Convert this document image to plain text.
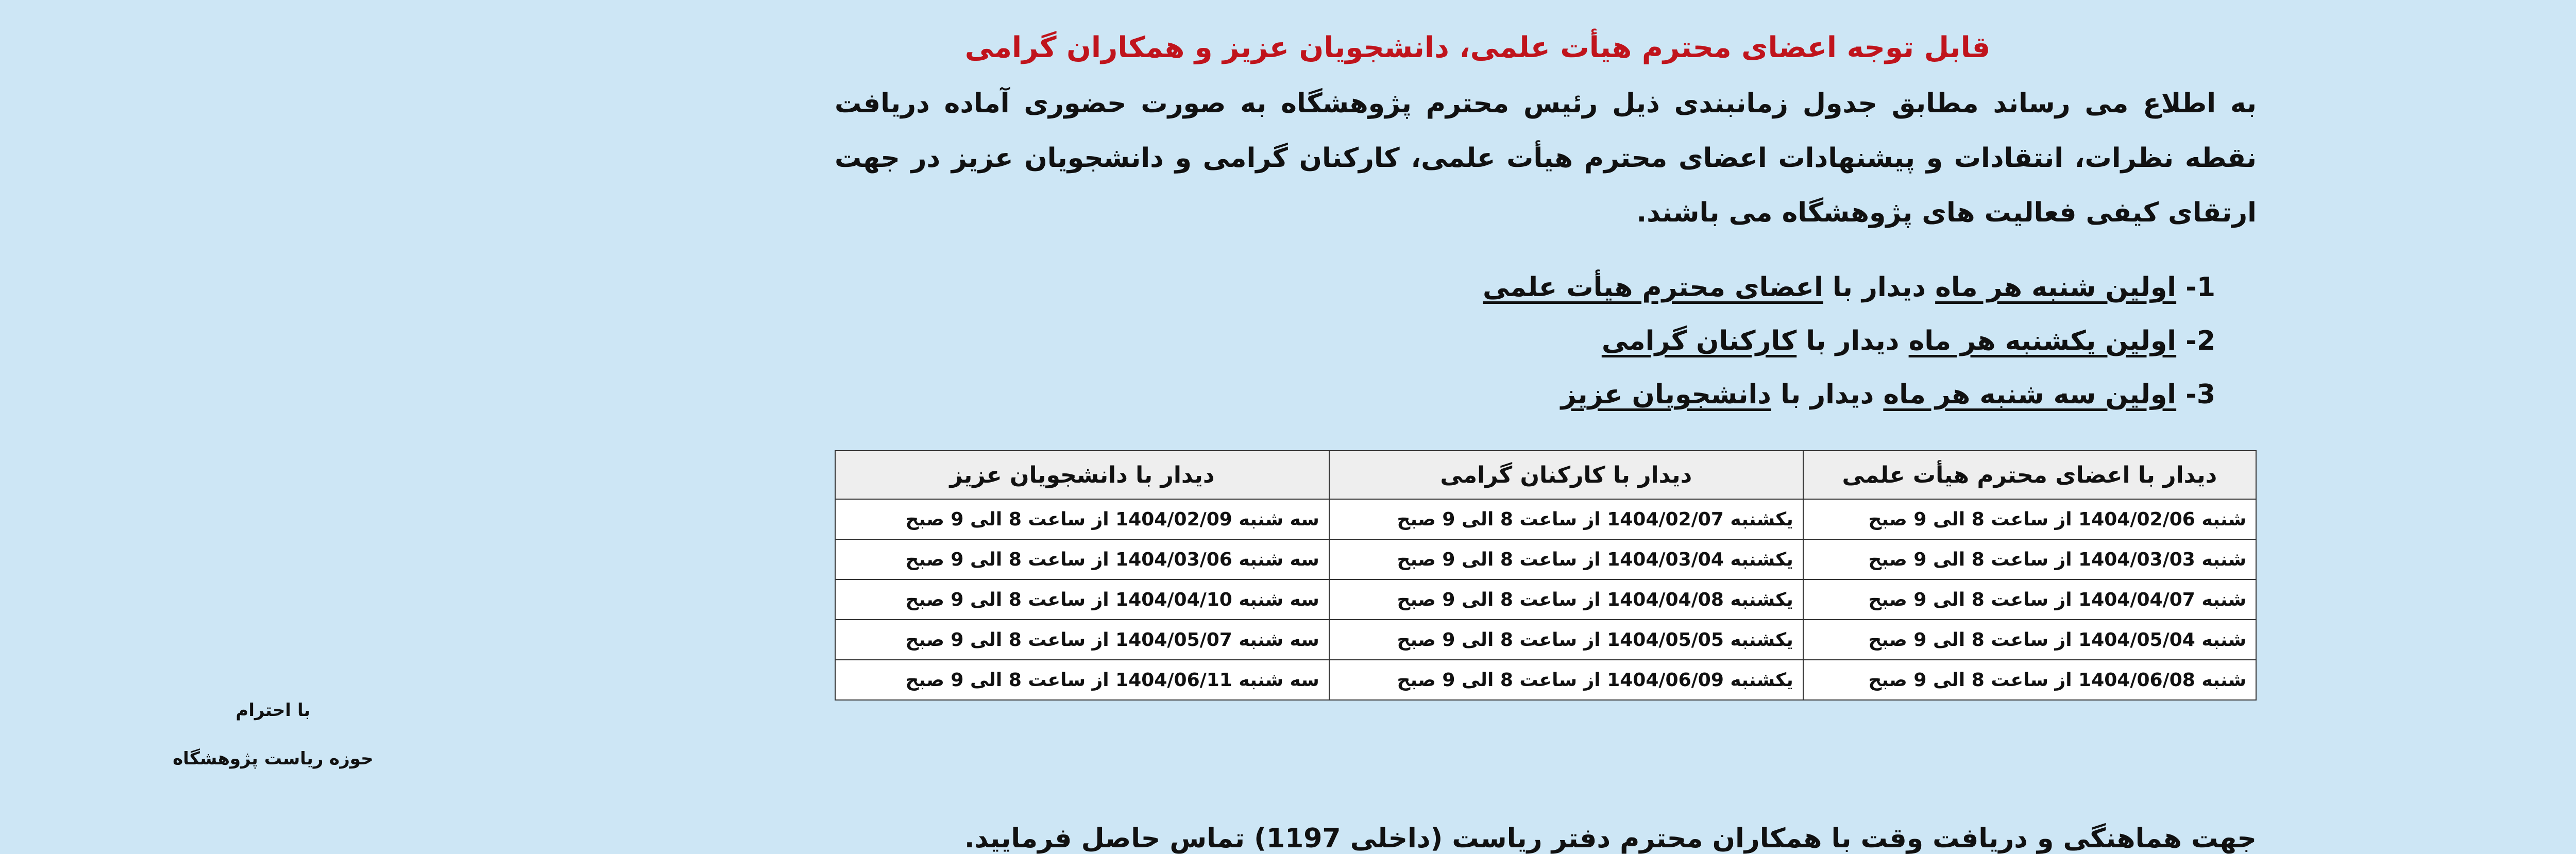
قابل توجه اعضای محترم هیأت علمی، دانشجویان عزیز و همکاران گرامی

به اطلاع می رساند مطابق جدول زمانبندی ذیل رئیس محترم پژوهشگاه به صورت حضوری آماده دریافت نقطه نظرات، انتقادات و پیشنهادات اعضای محترم هیأت علمی، کارکنان گرامی و دانشجویان عزیز در جهت ارتقای کیفی فعالیت های پژوهشگاه می باشند.

1- اولین شنبه هر ماه دیدار با اعضای محترم هیأت علمی
2- اولین یکشنبه هر ماه دیدار با کارکنان گرامی
3- اولین سه شنبه هر ماه دیدار با دانشجویان عزیز
دیدار با اعضای محترم هیأت علمی	دیدار با کارکنان گرامی	دیدار با دانشجویان عزیز
شنبه 1404/02/06 از ساعت 8 الی 9 صبح	یکشنبه 1404/02/07 از ساعت 8 الی 9 صبح	سه شنبه 1404/02/09 از ساعت 8 الی 9 صبح
شنبه 1404/03/03 از ساعت 8 الی 9 صبح	یکشنبه 1404/03/04 از ساعت 8 الی 9 صبح	سه شنبه 1404/03/06 از ساعت 8 الی 9 صبح
شنبه 1404/04/07 از ساعت 8 الی 9 صبح	یکشنبه 1404/04/08 از ساعت 8 الی 9 صبح	سه شنبه 1404/04/10 از ساعت 8 الی 9 صبح
شنبه 1404/05/04 از ساعت 8 الی 9 صبح	یکشنبه 1404/05/05 از ساعت 8 الی 9 صبح	سه شنبه 1404/05/07 از ساعت 8 الی 9 صبح
شنبه 1404/06/08 از ساعت 8 الی 9 صبح	یکشنبه 1404/06/09 از ساعت 8 الی 9 صبح	سه شنبه 1404/06/11 از ساعت 8 الی 9 صبح

جهت هماهنگی و دریافت وقت با همکاران محترم دفتر ریاست (داخلی 1197) تماس حاصل فرمایید.

با احترام
حوزه ریاست پژوهشگاه
